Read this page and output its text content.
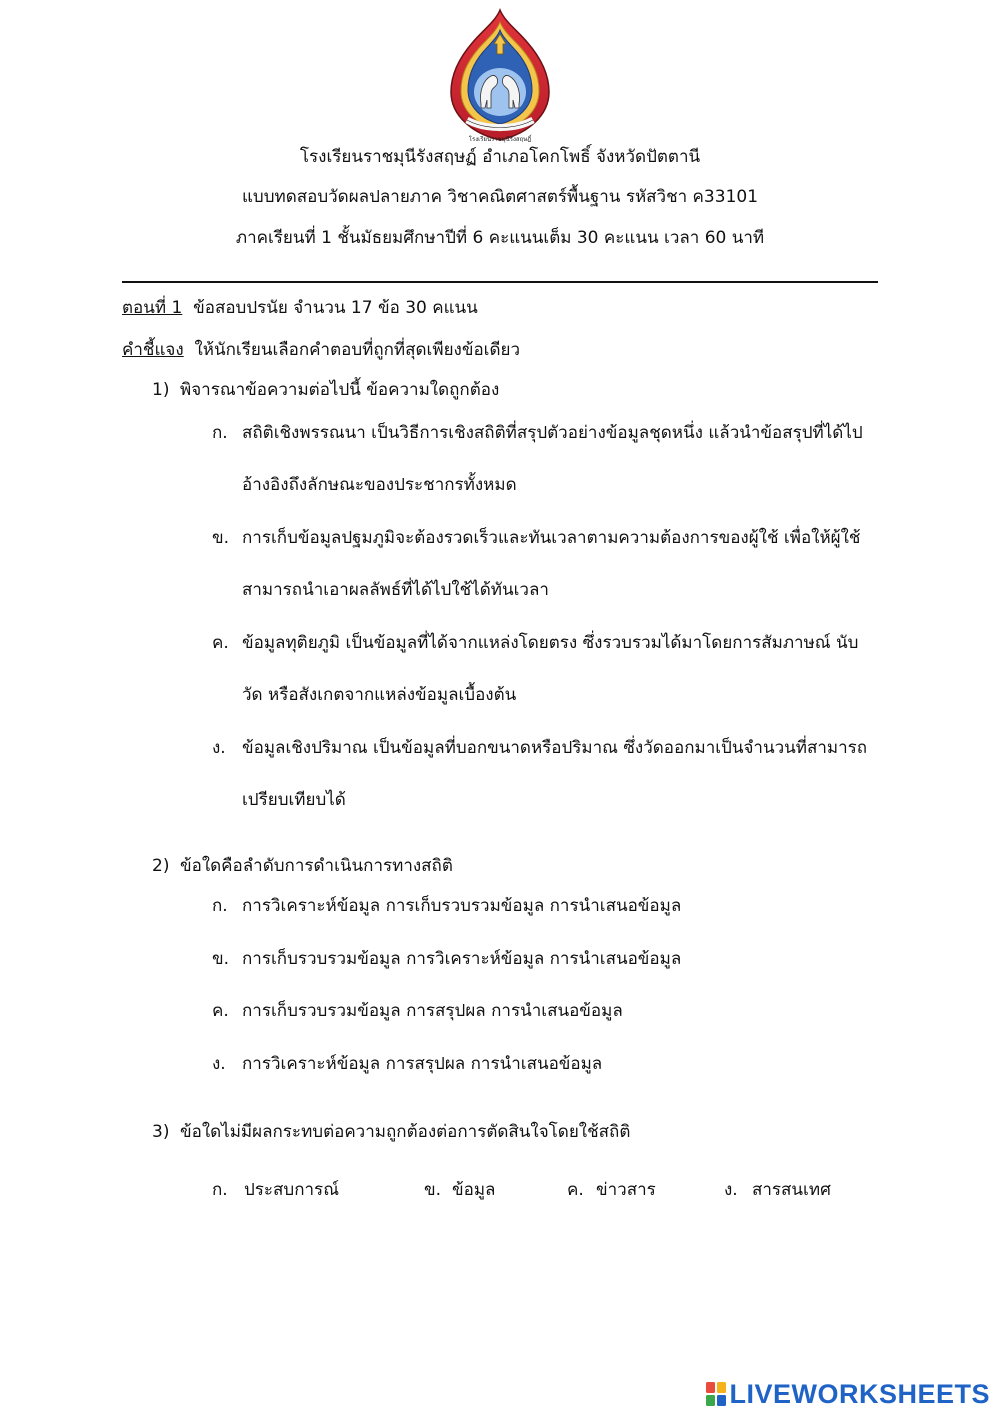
โรงเรียนราชมุนีรังสฤษฎิ์
โรงเรียนราชมุนีรังสฤษฏ์ อำเภอโคกโพธิ์ จังหวัดปัตตานี
แบบทดสอบวัดผลปลายภาค วิชาคณิตศาสตร์พื้นฐาน รหัสวิชา ค33101
ภาคเรียนที่ 1 ชั้นมัธยมศึกษาปีที่ 6 คะแนนเต็ม 30 คะแนน เวลา 60 นาที
ตอนที่ 1 ข้อสอบปรนัย จำนวน 17 ข้อ 30 คแนน
คำชี้แจง ให้นักเรียนเลือกคำตอบที่ถูกที่สุดเพียงข้อเดียว
1) พิจารณาข้อความต่อไปนี้ ข้อความใดถูกต้อง
ก. สถิติเชิงพรรณนา เป็นวิธีการเชิงสถิติที่สรุปตัวอย่างข้อมูลชุดหนึ่ง แล้วนำข้อสรุปที่ได้ไป
อ้างอิงถึงลักษณะของประชากรทั้งหมด
ข. การเก็บข้อมูลปฐมภูมิจะต้องรวดเร็วและทันเวลาตามความต้องการของผู้ใช้ เพื่อให้ผู้ใช้
สามารถนำเอาผลลัพธ์ที่ได้ไปใช้ได้ทันเวลา
ค. ข้อมูลทุติยภูมิ เป็นข้อมูลที่ได้จากแหล่งโดยตรง ซึ่งรวบรวมได้มาโดยการสัมภาษณ์ นับ
วัด หรือสังเกตจากแหล่งข้อมูลเบื้องต้น
ง. ข้อมูลเชิงปริมาณ เป็นข้อมูลที่บอกขนาดหรือปริมาณ ซึ่งวัดออกมาเป็นจำนวนที่สามารถ
เปรียบเทียบได้
2) ข้อใดคือลำดับการดำเนินการทางสถิติ
ก. การวิเคราะห์ข้อมูล การเก็บรวบรวมข้อมูล การนำเสนอข้อมูล
ข. การเก็บรวบรวมข้อมูล การวิเคราะห์ข้อมูล การนำเสนอข้อมูล
ค. การเก็บรวบรวมข้อมูล การสรุปผล การนำเสนอข้อมูล
ง. การวิเคราะห์ข้อมูล การสรุปผล การนำเสนอข้อมูล
3) ข้อใดไม่มีผลกระทบต่อความถูกต้องต่อการตัดสินใจโดยใช้สถิติ
ก. ประสบการณ์	ข. ข้อมูล	ค. ข่าวสาร	ง. สารสนเทศ
LIVEWORKSHEETS
